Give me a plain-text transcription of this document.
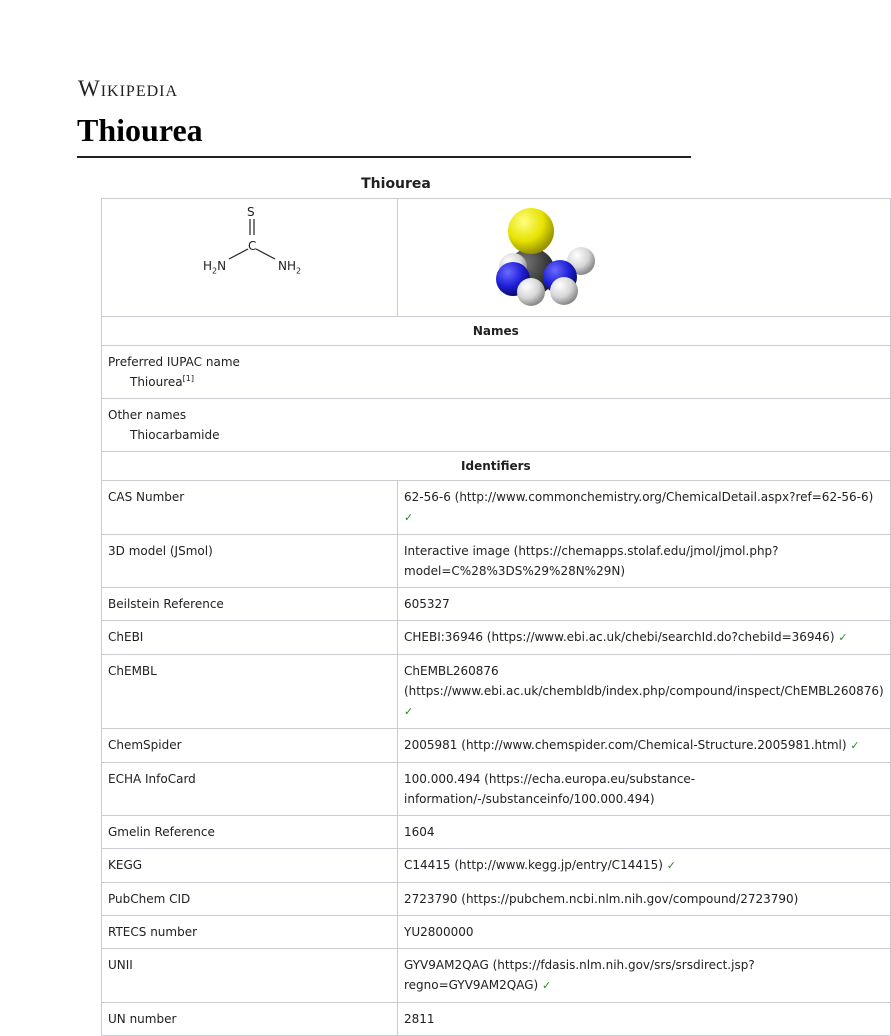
Wikipedia
Thiourea
Thiourea
S
C
$H_2N$ $NH_2$

Names	
Preferred IUPAC name
Thiourea[1]

Other names
Thiocarbamide	

Identifiers	
CAS Number	62-56-6 (http://www.commonchemistry.org/ChemicalDetail.aspx?ref=62-56-6) ✓
3D model (JSmol)	Interactive image (https://chemapps.stolaf.edu/jmol/jmol.php?model=C%28%3DS%29%28N%29N)
Beilstein Reference	605327
ChEBI	CHEBI:36946 (https://www.ebi.ac.uk/chebi/searchId.do?chebiId=36946) ✓
ChEMBL	ChEMBL260876 (https://www.ebi.ac.uk/chembldb/index.php/compound/inspect/ChEMBL260876) ✓
ChemSpider	2005981 (http://www.chemspider.com/Chemical-Structure.2005981.html) ✓
ECHA InfoCard	100.000.494 (https://echa.europa.eu/substance-information/-/substanceinfo/100.000.494)
Gmelin Reference	1604
KEGG	C14415 (http://www.kegg.jp/entry/C14415) ✓
PubChem CID	2723790 (https://pubchem.ncbi.nlm.nih.gov/compound/2723790)
RTECS number	YU2800000
UNII	GYV9AM2QAG (https://fdasis.nlm.nih.gov/srs/srsdirect.jsp?regno=GYV9AM2QAG) ✓
UN number	2811
